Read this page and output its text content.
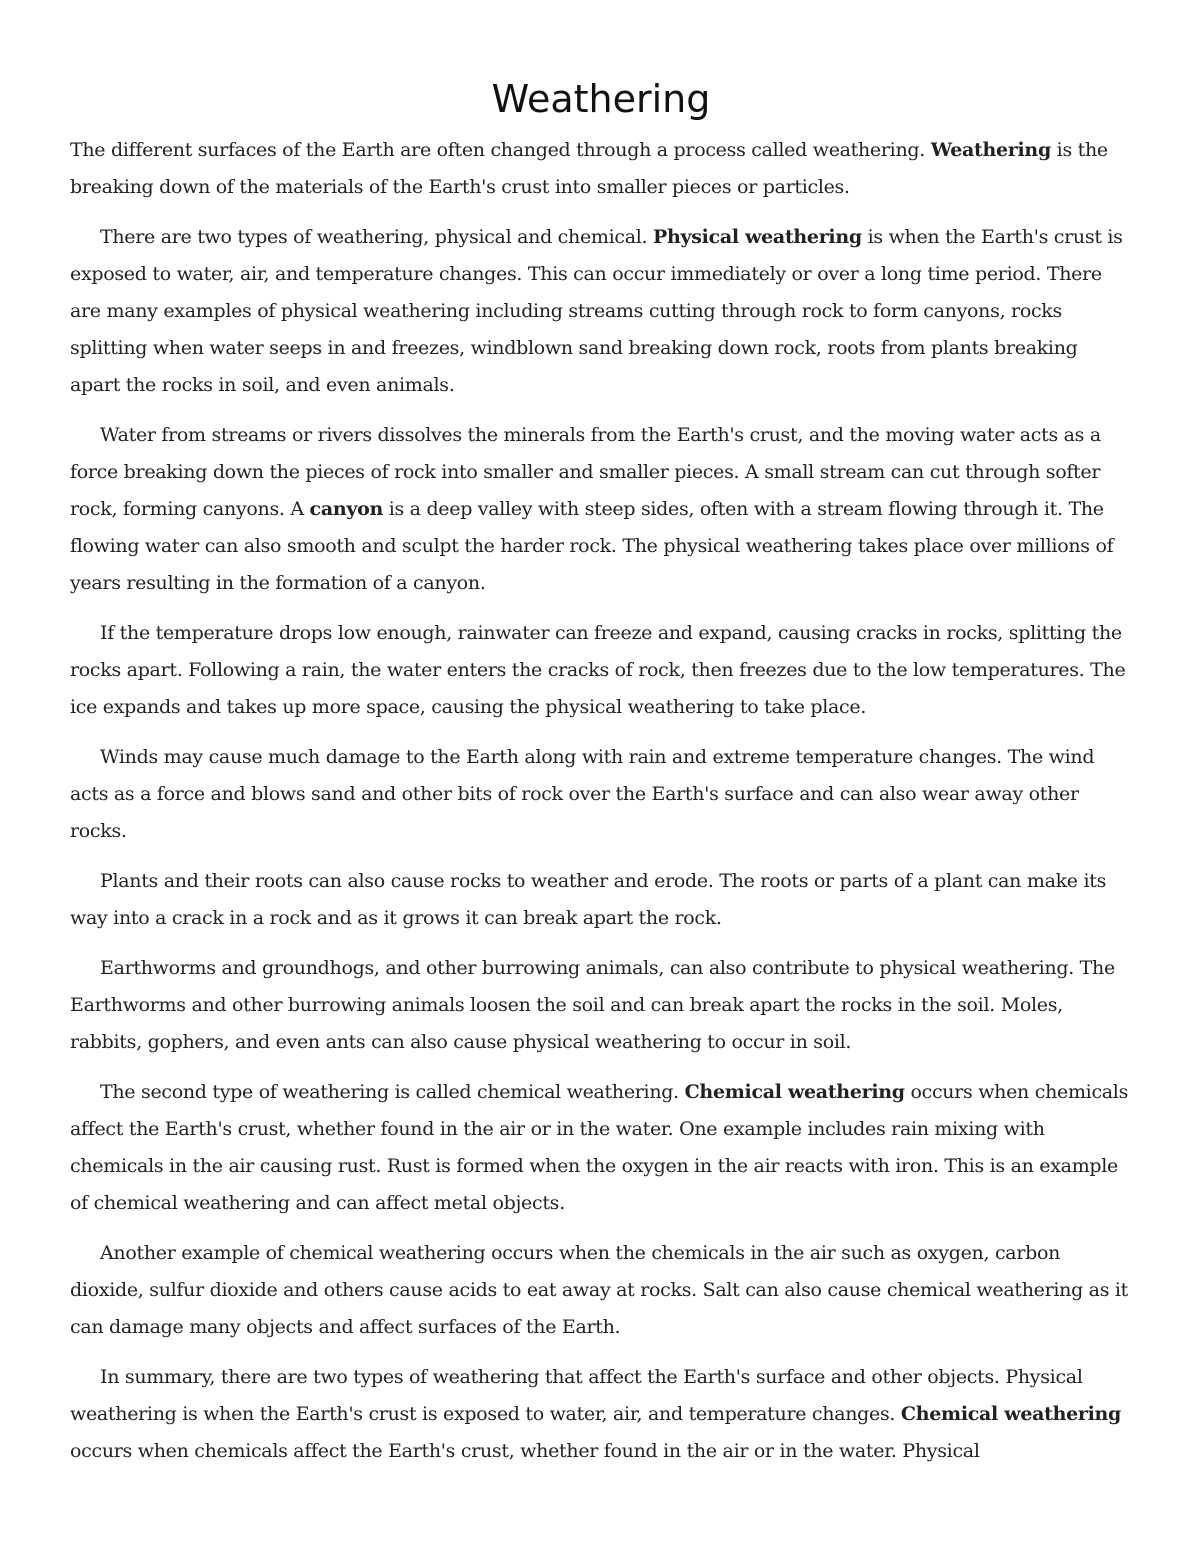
Weathering

The different surfaces of the Earth are often changed through a process called weathering. Weathering is the breaking down of the materials of the Earth's crust into smaller pieces or particles.

There are two types of weathering, physical and chemical. Physical weathering is when the Earth's crust is exposed to water, air, and temperature changes. This can occur immediately or over a long time period. There are many examples of physical weathering including streams cutting through rock to form canyons, rocks splitting when water seeps in and freezes, windblown sand breaking down rock, roots from plants breaking apart the rocks in soil, and even animals.

Water from streams or rivers dissolves the minerals from the Earth's crust, and the moving water acts as a force breaking down the pieces of rock into smaller and smaller pieces. A small stream can cut through softer rock, forming canyons. A canyon is a deep valley with steep sides, often with a stream flowing through it. The flowing water can also smooth and sculpt the harder rock. The physical weathering takes place over millions of years resulting in the formation of a canyon.

If the temperature drops low enough, rainwater can freeze and expand, causing cracks in rocks, splitting the rocks apart. Following a rain, the water enters the cracks of rock, then freezes due to the low temperatures. The ice expands and takes up more space, causing the physical weathering to take place.

Winds may cause much damage to the Earth along with rain and extreme temperature changes. The wind acts as a force and blows sand and other bits of rock over the Earth's surface and can also wear away other rocks.

Plants and their roots can also cause rocks to weather and erode. The roots or parts of a plant can make its way into a crack in a rock and as it grows it can break apart the rock.

Earthworms and groundhogs, and other burrowing animals, can also contribute to physical weathering. The Earthworms and other burrowing animals loosen the soil and can break apart the rocks in the soil. Moles, rabbits, gophers, and even ants can also cause physical weathering to occur in soil.

The second type of weathering is called chemical weathering. Chemical weathering occurs when chemicals affect the Earth's crust, whether found in the air or in the water. One example includes rain mixing with chemicals in the air causing rust. Rust is formed when the oxygen in the air reacts with iron. This is an example of chemical weathering and can affect metal objects.

Another example of chemical weathering occurs when the chemicals in the air such as oxygen, carbon dioxide, sulfur dioxide and others cause acids to eat away at rocks. Salt can also cause chemical weathering as it can damage many objects and affect surfaces of the Earth.

In summary, there are two types of weathering that affect the Earth's surface and other objects. Physical weathering is when the Earth's crust is exposed to water, air, and temperature changes. Chemical weathering occurs when chemicals affect the Earth's crust, whether found in the air or in the water. Physical
